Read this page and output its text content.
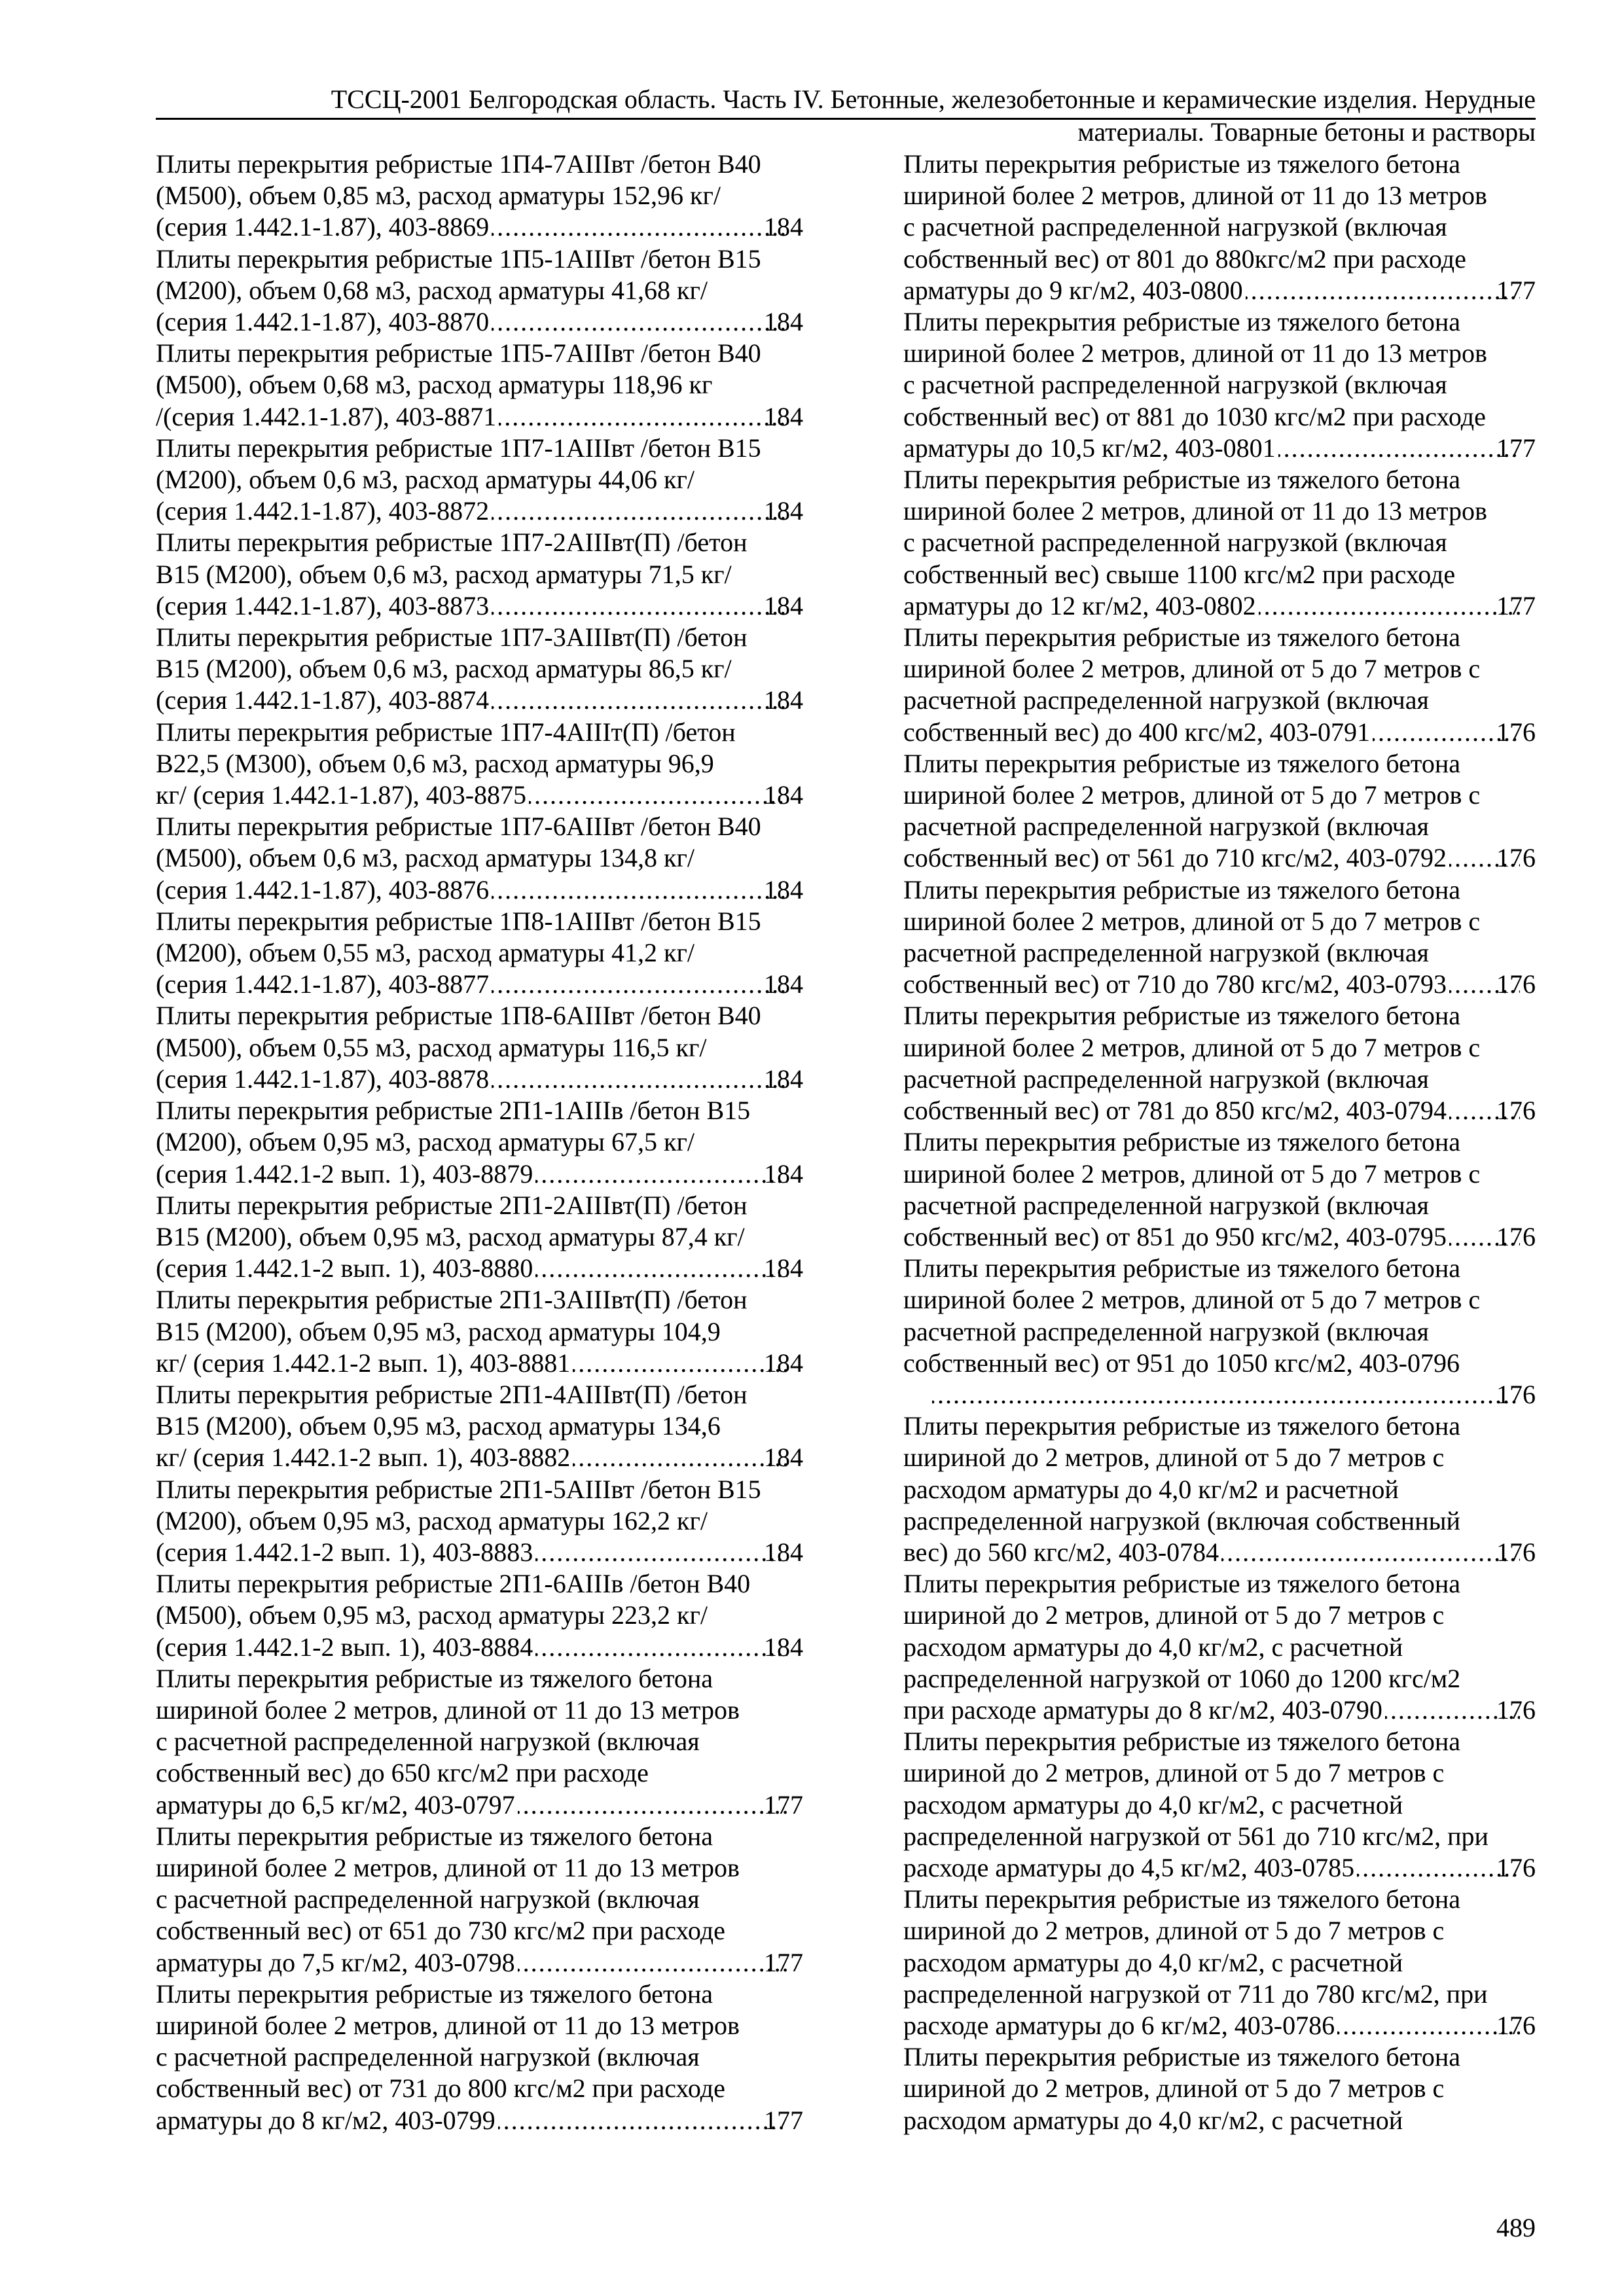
ТССЦ-2001 Белгородская область. Часть IV. Бетонные, железобетонные и керамические изделия. Нерудные
материалы. Товарные бетоны и растворы
Плиты перекрытия ребристые 1П4-7АIIIвт /бетон В40
(М500), объем 0,85 м3, расход арматуры 152,96 кг/
(серия 1.442.1-1.87), 403-8869 . . .	184
Плиты перекрытия ребристые 1П5-1АIIIвт /бетон В15
(М200), объем 0,68 м3, расход арматуры 41,68 кг/
(серия 1.442.1-1.87), 403-8870 . . .	184
Плиты перекрытия ребристые 1П5-7АIIIвт /бетон В40
(М500), объем 0,68 м3, расход арматуры 118,96 кг
/(серия 1.442.1-1.87), 403-8871 . . .	184
Плиты перекрытия ребристые 1П7-1АIIIвт /бетон В15
(М200), объем 0,6 м3, расход арматуры 44,06 кг/
(серия 1.442.1-1.87), 403-8872 . . .	184
Плиты перекрытия ребристые 1П7-2АIIIвт(П) /бетон
В15 (М200), объем 0,6 м3, расход арматуры 71,5 кг/
(серия 1.442.1-1.87), 403-8873 . . .	184
Плиты перекрытия ребристые 1П7-3АIIIвт(П) /бетон
В15 (М200), объем 0,6 м3, расход арматуры 86,5 кг/
(серия 1.442.1-1.87), 403-8874 . . .	184
Плиты перекрытия ребристые 1П7-4АIIIт(П) /бетон
В22,5 (М300), объем 0,6 м3, расход арматуры 96,9
кг/ (серия 1.442.1-1.87), 403-8875 . . .	184
Плиты перекрытия ребристые 1П7-6АIIIвт /бетон В40
(М500), объем 0,6 м3, расход арматуры 134,8 кг/
(серия 1.442.1-1.87), 403-8876 . . .	184
Плиты перекрытия ребристые 1П8-1АIIIвт /бетон В15
(М200), объем 0,55 м3, расход арматуры 41,2 кг/
(серия 1.442.1-1.87), 403-8877 . . .	184
Плиты перекрытия ребристые 1П8-6АIIIвт /бетон В40
(М500), объем 0,55 м3, расход арматуры 116,5 кг/
(серия 1.442.1-1.87), 403-8878 . . .	184
Плиты перекрытия ребристые 2П1-1АIIIв /бетон В15
(М200), объем 0,95 м3, расход арматуры 67,5 кг/
(серия 1.442.1-2 вып. 1), 403-8879 . . .	184
Плиты перекрытия ребристые 2П1-2АIIIвт(П) /бетон
В15 (М200), объем 0,95 м3, расход арматуры 87,4 кг/
(серия 1.442.1-2 вып. 1), 403-8880 . . .	184
Плиты перекрытия ребристые 2П1-3АIIIвт(П) /бетон
В15 (М200), объем 0,95 м3, расход арматуры 104,9
кг/ (серия 1.442.1-2 вып. 1), 403-8881 . . .	184
Плиты перекрытия ребристые 2П1-4АIIIвт(П) /бетон
В15 (М200), объем 0,95 м3, расход арматуры 134,6
кг/ (серия 1.442.1-2 вып. 1), 403-8882 . . .	184
Плиты перекрытия ребристые 2П1-5АIIIвт /бетон В15
(М200), объем 0,95 м3, расход арматуры 162,2 кг/
(серия 1.442.1-2 вып. 1), 403-8883 . . .	184
Плиты перекрытия ребристые 2П1-6АIIIв /бетон В40
(М500), объем 0,95 м3, расход арматуры 223,2 кг/
(серия 1.442.1-2 вып. 1), 403-8884 . . .	184
Плиты перекрытия ребристые из тяжелого бетона
шириной более 2 метров, длиной от 11 до 13 метров
с расчетной распределенной нагрузкой (включая
собственный вес) до 650 кгс/м2 при расходе
арматуры до 6,5 кг/м2, 403-0797 . . .	177
Плиты перекрытия ребристые из тяжелого бетона
шириной более 2 метров, длиной от 11 до 13 метров
с расчетной распределенной нагрузкой (включая
собственный вес) от 651 до 730 кгс/м2 при расходе
арматуры до 7,5 кг/м2, 403-0798 . . .	177
Плиты перекрытия ребристые из тяжелого бетона
шириной более 2 метров, длиной от 11 до 13 метров
с расчетной распределенной нагрузкой (включая
собственный вес) от 731 до 800 кгс/м2 при расходе
арматуры до 8 кг/м2, 403-0799 . . .	177
Плиты перекрытия ребристые из тяжелого бетона
шириной более 2 метров, длиной от 11 до 13 метров
с расчетной распределенной нагрузкой (включая
собственный вес) от 801 до 880кгс/м2 при расходе
арматуры до 9 кг/м2, 403-0800 . . .	177
Плиты перекрытия ребристые из тяжелого бетона
шириной более 2 метров, длиной от 11 до 13 метров
с расчетной распределенной нагрузкой (включая
собственный вес) от 881 до 1030 кгс/м2 при расходе
арматуры до 10,5 кг/м2, 403-0801 . . .	177
Плиты перекрытия ребристые из тяжелого бетона
шириной более 2 метров, длиной от 11 до 13 метров
с расчетной распределенной нагрузкой (включая
собственный вес) свыше 1100 кгс/м2 при расходе
арматуры до 12 кг/м2, 403-0802 . . .	177
Плиты перекрытия ребристые из тяжелого бетона
шириной более 2 метров, длиной от 5 до 7 метров с
расчетной распределенной нагрузкой (включая
собственный вес) до 400 кгс/м2, 403-0791 . . .	176
Плиты перекрытия ребристые из тяжелого бетона
шириной более 2 метров, длиной от 5 до 7 метров с
расчетной распределенной нагрузкой (включая
собственный вес) от 561 до 710 кгс/м2, 403-0792 . . . 176
Плиты перекрытия ребристые из тяжелого бетона
шириной более 2 метров, длиной от 5 до 7 метров с
расчетной распределенной нагрузкой (включая
собственный вес) от 710 до 780 кгс/м2, 403-0793 . . . 176
Плиты перекрытия ребристые из тяжелого бетона
шириной более 2 метров, длиной от 5 до 7 метров с
расчетной распределенной нагрузкой (включая
собственный вес) от 781 до 850 кгс/м2, 403-0794 . . . 176
Плиты перекрытия ребристые из тяжелого бетона
шириной более 2 метров, длиной от 5 до 7 метров с
расчетной распределенной нагрузкой (включая
собственный вес) от 851 до 950 кгс/м2, 403-0795 . . . 176
Плиты перекрытия ребристые из тяжелого бетона
шириной более 2 метров, длиной от 5 до 7 метров с
расчетной распределенной нагрузкой (включая
собственный вес) от 951 до 1050 кгс/м2, 403-0796
. . .
176
Плиты перекрытия ребристые из тяжелого бетона
шириной до 2 метров, длиной от 5 до 7 метров с
расходом арматуры до 4,0 кг/м2 и расчетной
распределенной нагрузкой (включая собственный
вес) до 560 кгс/м2, 403-0784 . . .	176
Плиты перекрытия ребристые из тяжелого бетона
шириной до 2 метров, длиной от 5 до 7 метров с
расходом арматуры до 4,0 кг/м2, с расчетной
распределенной нагрузкой от 1060 до 1200 кгс/м2
при расходе арматуры до 8 кг/м2, 403-0790 . . .	176
Плиты перекрытия ребристые из тяжелого бетона
шириной до 2 метров, длиной от 5 до 7 метров с
расходом арматуры до 4,0 кг/м2, с расчетной
распределенной нагрузкой от 561 до 710 кгс/м2, при
расходе арматуры до 4,5 кг/м2, 403-0785 . . .	176
Плиты перекрытия ребристые из тяжелого бетона
шириной до 2 метров, длиной от 5 до 7 метров с
расходом арматуры до 4,0 кг/м2, с расчетной
распределенной нагрузкой от 711 до 780 кгс/м2, при
расходе арматуры до 6 кг/м2, 403-0786 . . .	176
Плиты перекрытия ребристые из тяжелого бетона
шириной до 2 метров, длиной от 5 до 7 метров с
расходом арматуры до 4,0 кг/м2, с расчетной
489
